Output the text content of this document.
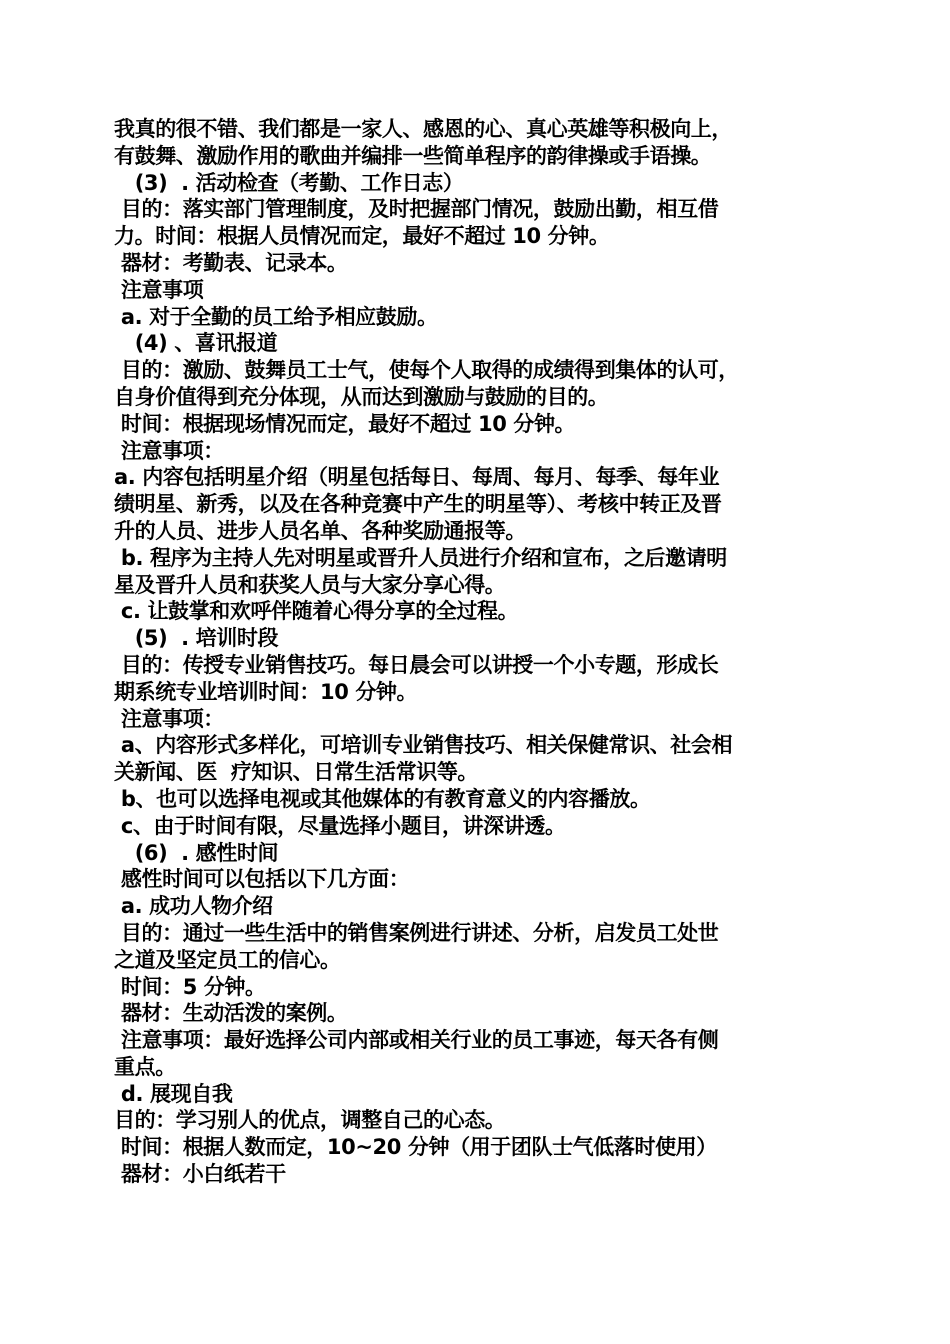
我真的很不错、我们都是一家人、感恩的心、真心英雄等积极向上，
有鼓舞、激励作用的歌曲并编排一些简单程序的韵律操或手语操。
(3)  . 活动检查（考勤、工作日志）
目的：落实部门管理制度，及时把握部门情况，鼓励出勤，相互借
力。时间：根据人员情况而定，最好不超过 10 分钟。
器材：考勤表、记录本。
注意事项
a. 对于全勤的员工给予相应鼓励。
(4) 、喜讯报道
目的：激励、鼓舞员工士气，使每个人取得的成绩得到集体的认可，
自身价值得到充分体现，从而达到激励与鼓励的目的。
时间：根据现场情况而定，最好不超过 10 分钟。
注意事项：
a. 内容包括明星介绍（明星包括每日、每周、每月、每季、每年业
绩明星、新秀，以及在各种竞赛中产生的明星等）、考核中转正及晋
升的人员、进步人员名单、各种奖励通报等。
b. 程序为主持人先对明星或晋升人员进行介绍和宣布，之后邀请明
星及晋升人员和获奖人员与大家分享心得。
c. 让鼓掌和欢呼伴随着心得分享的全过程。
(5)  . 培训时段
目的：传授专业销售技巧。每日晨会可以讲授一个小专题，形成长
期系统专业培训时间：10 分钟。
注意事项：
a、内容形式多样化，可培训专业销售技巧、相关保健常识、社会相
关新闻、医  疗知识、日常生活常识等。
b、也可以选择电视或其他媒体的有教育意义的内容播放。
c、由于时间有限，尽量选择小题目，讲深讲透。
(6)  . 感性时间
感性时间可以包括以下几方面：
a. 成功人物介绍
目的：通过一些生活中的销售案例进行讲述、分析，启发员工处世
之道及坚定员工的信心。
时间：5 分钟。
器材：生动活泼的案例。
注意事项：最好选择公司内部或相关行业的员工事迹，每天各有侧
重点。
d. 展现自我
目的：学习别人的优点，调整自己的心态。
时间：根据人数而定，10~20 分钟（用于团队士气低落时使用）
器材：小白纸若干
